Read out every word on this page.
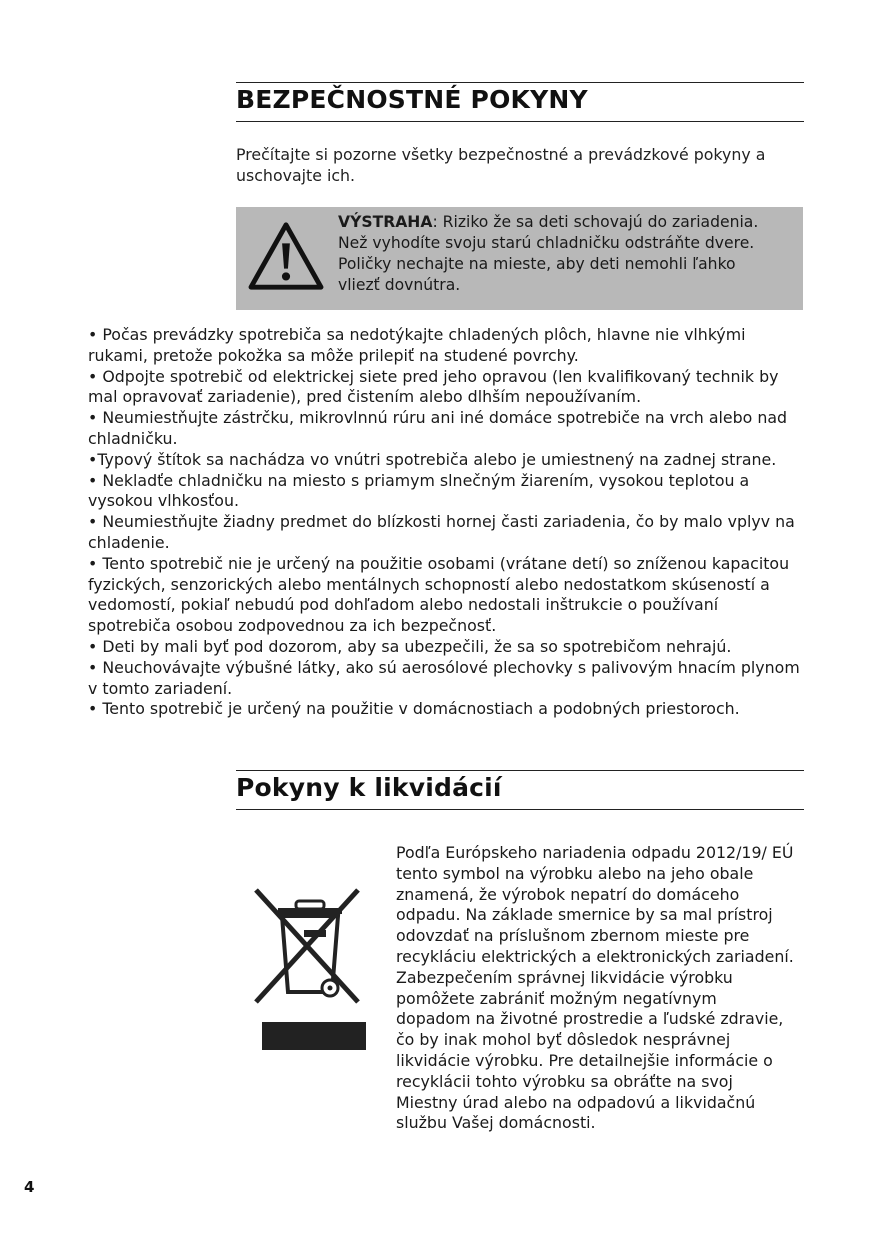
BEZPEČNOSTNÉ POKYNY

Prečítajte si pozorne všetky bezpečnostné a prevádzkové pokyny a uschovajte ich.

VÝSTRAHA: Riziko že sa deti schovajú do zariadenia. Než vyhodíte svoju starú chladničku odstráňte dvere. Poličky nechajte na mieste, aby deti nemohli ľahko vliezť dovnútra.

• Počas prevádzky spotrebiča sa nedotýkajte chladených plôch, hlavne nie vlhkými rukami, pretože pokožka sa môže prilepiť na studené povrchy.
• Odpojte spotrebič od elektrickej siete pred jeho opravou (len kvalifikovaný technik by mal opravovať zariadenie), pred čistením alebo dlhším nepoužívaním.
• Neumiestňujte zástrčku, mikrovlnnú rúru ani iné domáce spotrebiče na vrch alebo nad chladničku.
•Typový štítok sa nachádza vo vnútri spotrebiča alebo je umiestnený na zadnej strane.
• Nekladťe chladničku na miesto s priamym slnečným žiarením, vysokou teplotou a vysokou vlhkosťou.
• Neumiestňujte žiadny predmet do blízkosti hornej časti zariadenia, čo by malo vplyv na chladenie.
• Tento spotrebič nie je určený na použitie osobami (vrátane detí) so zníženou kapacitou fyzických, senzorických alebo mentálnych schopností alebo nedostatkom skúseností a vedomostí, pokiaľ nebudú pod dohľadom alebo nedostali inštrukcie o používaní spotrebiča osobou zodpovednou za ich bezpečnosť.
• Deti by mali byť pod dozorom, aby sa ubezpečili, že sa so spotrebičom nehrajú.
• Neuchovávajte výbušné látky, ako sú aerosólové plechovky s palivovým hnacím plynom v tomto zariadení.
• Tento spotrebič je určený na použitie v domácnostiach a podobných priestoroch.
Pokyny k likvidácií

Podľa Európskeho nariadenia odpadu 2012/19/ EÚ tento symbol na výrobku alebo na jeho obale znamená, že výrobok nepatrí do domáceho odpadu. Na základe smernice by sa mal prístroj odovzdať na príslušnom zbernom mieste pre recykláciu elektrických a elektronických zariadení. Zabezpečením správnej likvidácie výrobku pomôžete zabrániť možným negatívnym dopadom na životné prostredie a ľudské zdravie, čo by inak mohol byť dôsledok nesprávnej likvidácie výrobku. Pre detailnejšie informácie o recyklácii tohto výrobku sa obráťte na svoj Miestny úrad alebo na odpadovú a likvidačnú službu Vašej domácnosti.

4
